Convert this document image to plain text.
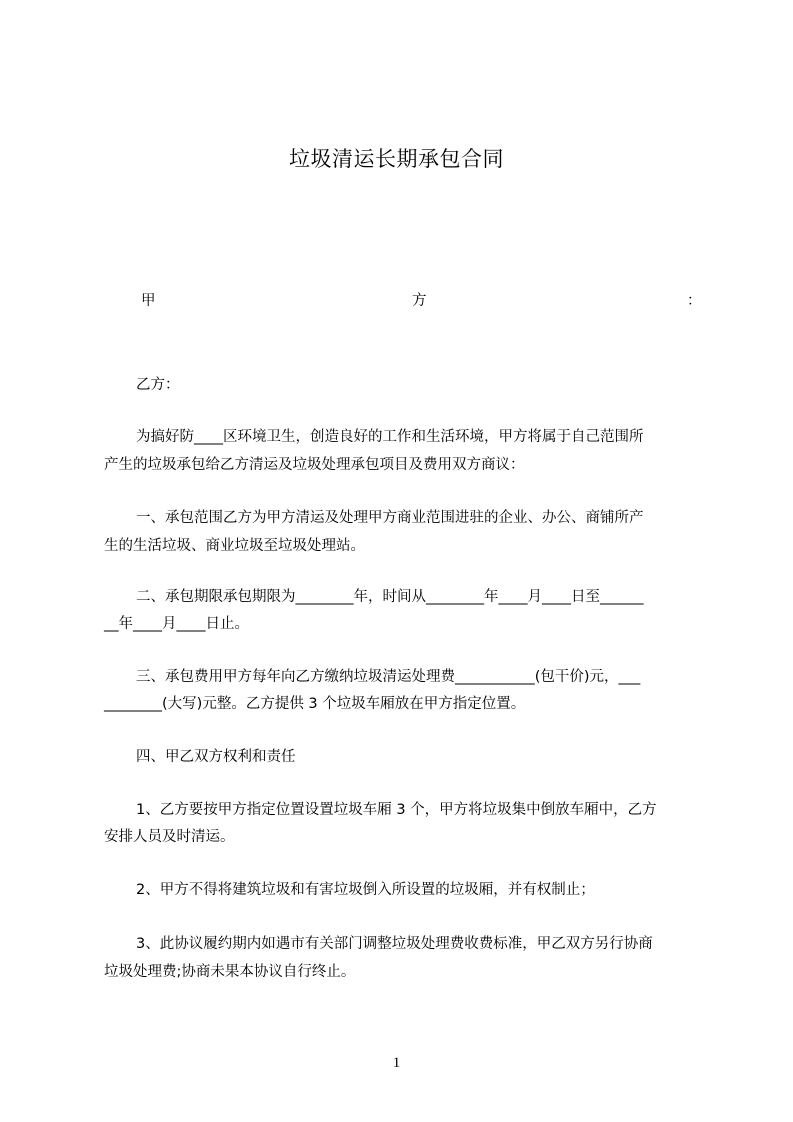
垃圾清运长期承包合同
甲	方	：
乙方：
为搞好防____区环境卫生，创造良好的工作和生活环境，甲方将属于自己范围所
产生的垃圾承包给乙方清运及垃圾处理承包项目及费用双方商议：
一、承包范围乙方为甲方清运及处理甲方商业范围进驻的企业、办公、商铺所产
生的生活垃圾、商业垃圾至垃圾处理站。
二、承包期限承包期限为________年，时间从________年____月____日至______
__年____月____日止。
三、承包费用甲方每年向乙方缴纳垃圾清运处理费___________(包干价)元，___
________(大写)元整。乙方提供 3 个垃圾车厢放在甲方指定位置。
四、甲乙双方权利和责任
1、乙方要按甲方指定位置设置垃圾车厢 3 个，甲方将垃圾集中倒放车厢中，乙方
安排人员及时清运。
2、甲方不得将建筑垃圾和有害垃圾倒入所设置的垃圾厢，并有权制止；
3、此协议履约期内如遇市有关部门调整垃圾处理费收费标准，甲乙双方另行协商
垃圾处理费;协商未果本协议自行终止。
1
